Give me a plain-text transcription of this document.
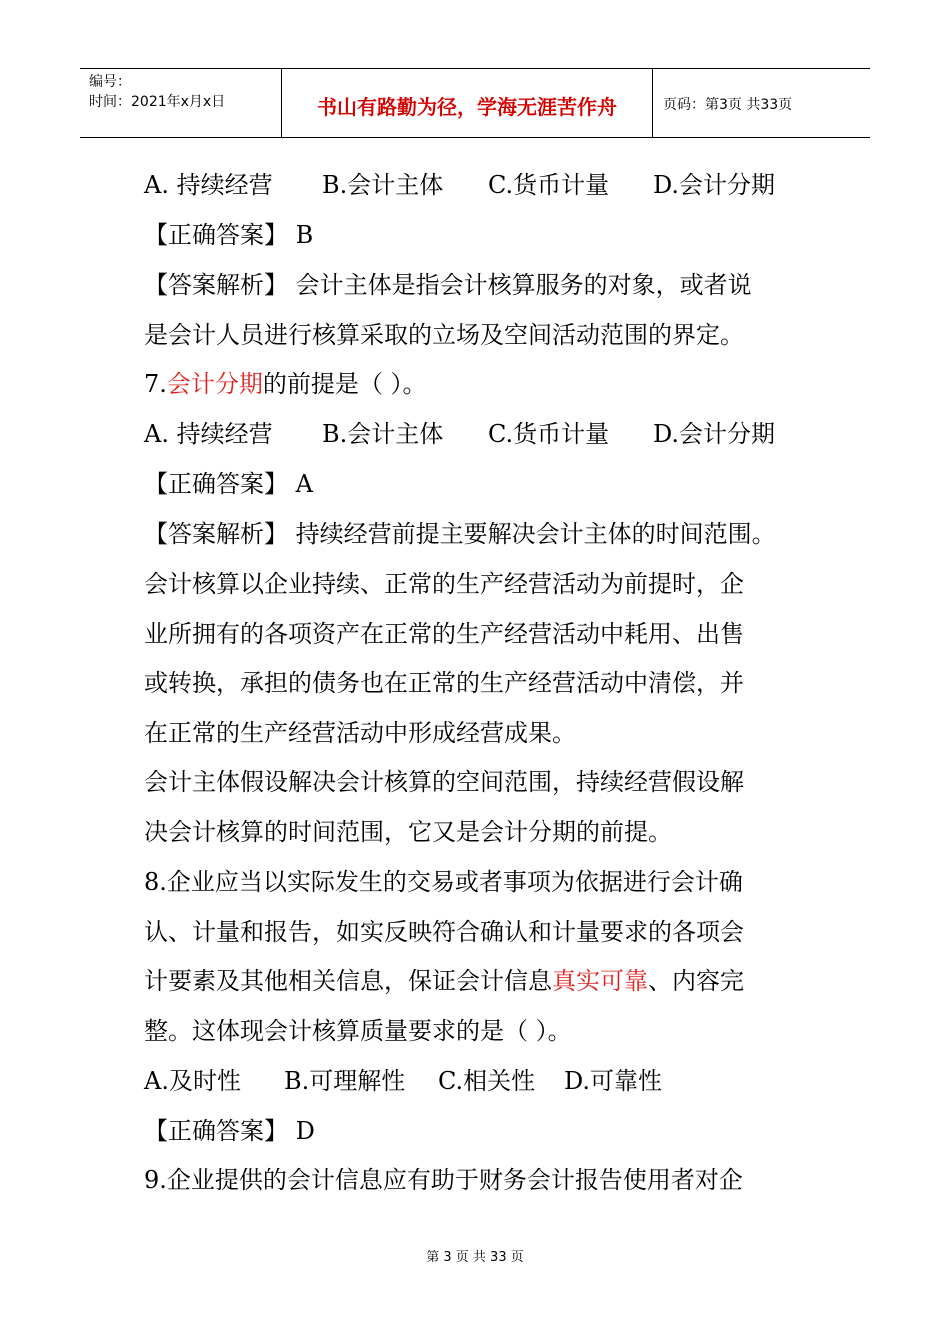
编号：
时间：2021年x月x日	书山有路勤为径，学海无涯苦作舟	页码：第3页 共33页
A. 持续经营 B.会计主体 C.货币计量 D.会计分期
【正确答案】 B
【答案解析】 会计主体是指会计核算服务的对象，或者说
是会计人员进行核算采取的立场及空间活动范围的界定。
7.会计分期的前提是（ ）。
A. 持续经营 B.会计主体 C.货币计量 D.会计分期
【正确答案】 A
【答案解析】 持续经营前提主要解决会计主体的时间范围。
会计核算以企业持续、正常的生产经营活动为前提时，企
业所拥有的各项资产在正常的生产经营活动中耗用、出售
或转换，承担的债务也在正常的生产经营活动中清偿，并
在正常的生产经营活动中形成经营成果。
会计主体假设解决会计核算的空间范围，持续经营假设解
决会计核算的时间范围，它又是会计分期的前提。
8.企业应当以实际发生的交易或者事项为依据进行会计确
认、计量和报告，如实反映符合确认和计量要求的各项会
计要素及其他相关信息，保证会计信息真实可靠、内容完
整。这体现会计核算质量要求的是（ ）。
A.及时性 B.可理解性 C.相关性 D.可靠性
【正确答案】 D
9.企业提供的会计信息应有助于财务会计报告使用者对企
第 3 页 共 33 页
